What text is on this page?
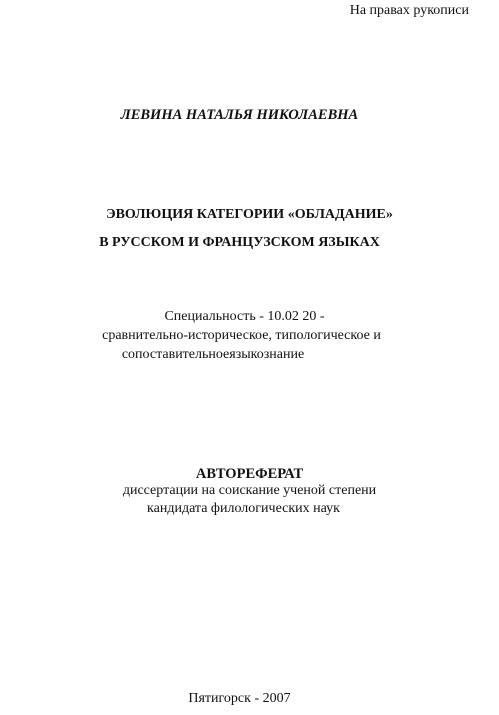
На правах рукописи
ЛЕВИНА НАТАЛЬЯ НИКОЛАЕВНА
ЭВОЛЮЦИЯ КАТЕГОРИИ «ОБЛАДАНИЕ»
В РУССКОМ И ФРАНЦУЗСКОМ ЯЗЫКАХ
Специальность - 10.02 20 -
сравнительно-историческое, типологическое и
сопоставительноеязыкознание
АВТОРЕФЕРАТ
диссертации на соискание ученой степени
кандидата филологических наук
Пятигорск - 2007
